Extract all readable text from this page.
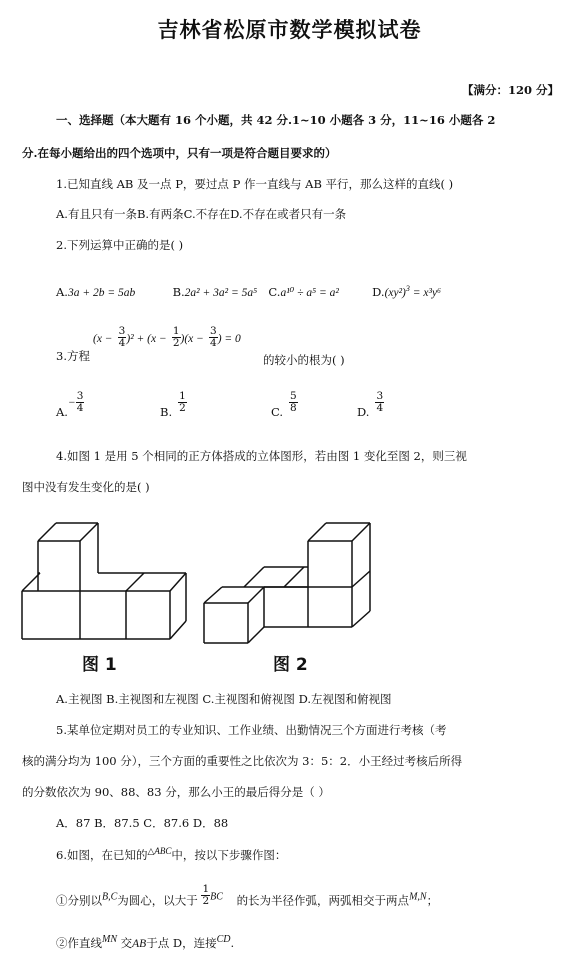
吉林省松原市数学模拟试卷
【满分：120 分】
一、选择题（本大题有 16 个小题，共 42 分.1~10 小题各 3 分，11~16 小题各 2
分.在每小题给出的四个选项中，只有一项是符合题目要求的）
1.已知直线 AB 及一点 P，要过点 P 作一直线与 AB 平行，那么这样的直线( )
A.有且只有一条B.有两条C.不存在D.不存在或者只有一条
2.下列运算中正确的是( )
A.3a + 2b = 5ab	B.2a² + 3a² = 5a⁵ C.a¹⁰ ÷ a⁵ = a²	$D.(xy^2)^3 = x^3y^6$
3.方程
$(x - \frac{3}{4} )^2 + (x - \frac{1}{2} )(x - \frac{3}{4}$ ) = 0
的较小的根为( )
$A.- \frac{3}{4}$	B. $\frac{1}{2}$	C. $\frac{5}{8}$	D. $\frac{3}{4}$
4.如图 1 是用 5 个相同的正方体搭成的立体图形，若由图 1 变化至图 2，则三视
图中没有发生变化的是( )
图 1	图 2
A.主视图 B.主视图和左视图 C.主视图和俯视图 D.左视图和俯视图
5.某单位定期对员工的专业知识、工作业绩、出勤情况三个方面进行考核（考
核的满分均为 100 分），三个方面的重要性之比依次为 3：5：2．小王经过考核后所得
的分数依次为 90、88、83 分，那么小王的最后得分是（ ）
A．87 B．87.5 C．87.6 D．88
6.如图，在已知的$^{\triangle ABC}$中，按以下步骤作图：
①分别以$^{B,C}$为圆心，以大于 $\frac{1}{2} ^{BC}$ 的长为半径作弧，两弧相交于两点$^{M,N}$；
②作直线$^{MN}$ 交AB于点 D，连接$^{CD}$.
